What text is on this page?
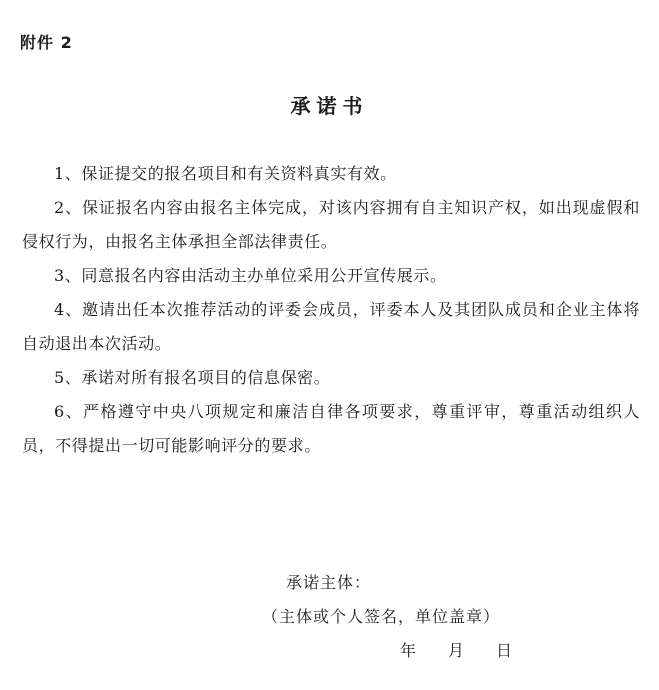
附件 2
承诺书

1、保证提交的报名项目和有关资料真实有效。

2、保证报名内容由报名主体完成，对该内容拥有自主知识产权，如出现虚假和侵权行为，由报名主体承担全部法律责任。

3、同意报名内容由活动主办单位采用公开宣传展示。

4、邀请出任本次推荐活动的评委会成员，评委本人及其团队成员和企业主体将自动退出本次活动。

5、承诺对所有报名项目的信息保密。

6、严格遵守中央八项规定和廉洁自律各项要求，尊重评审，尊重活动组织人员，不得提出一切可能影响评分的要求。

承诺主体：
（主体或个人签名，单位盖章）
年 月 日
